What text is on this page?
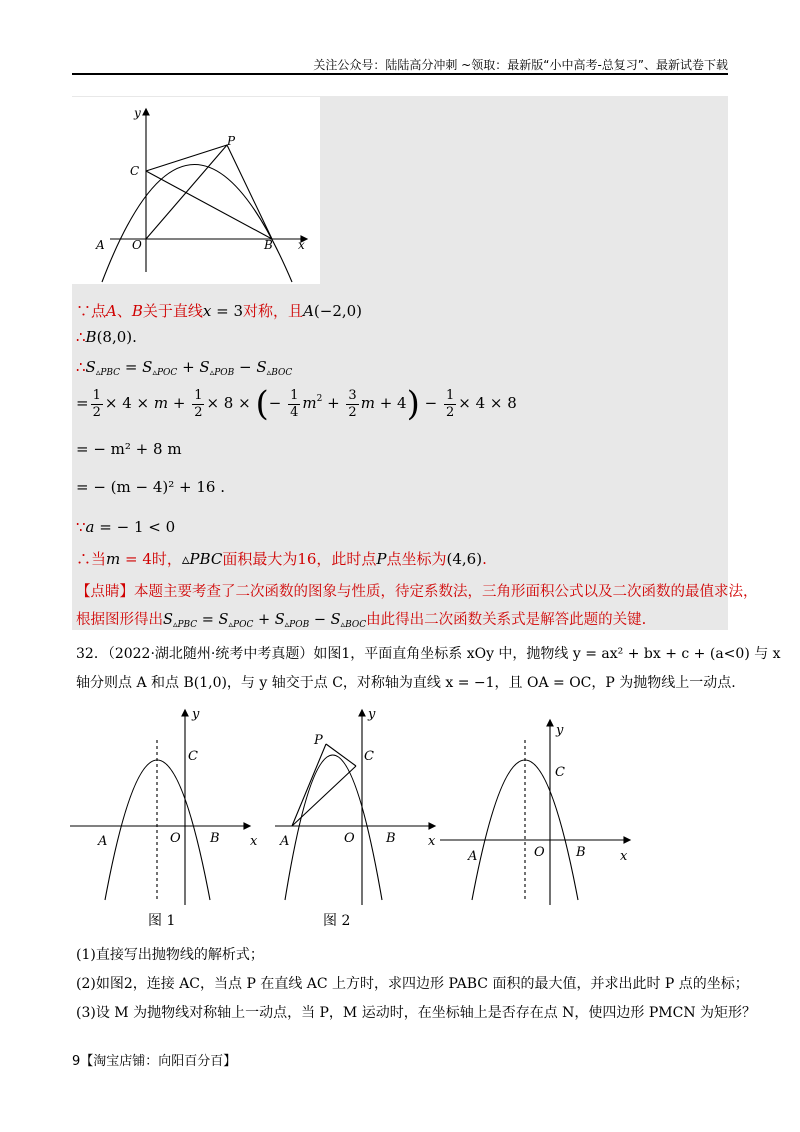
关注公众号：陆陆高分冲刺 ~领取：最新版“小中高考-总复习”、最新试卷下载
y
C
P
A O	B x
∵点A、B关于直线x = 3对称，且A(−2,0)
∴B(8,0).
$\therefore S_{▵PBC} = S_{▵POC} + S_{▵POB} - S_{▵BOC}$
= $\frac{1}{2} \times 4 \times m + \frac{1}{2} \times 8$ × (− $\frac{1}{4} m^2 + \frac{3}{2}$ $m + 4) - \frac{1}{2} \times 4 \times 8$
= − m² + 8 m
= − (m − 4)² + 16 .
∵a = − 1 < 0
∴当m = 4时，▵PBC面积最大为16，此时点P点坐标为(4,6).
【点睛】本题主要考查了二次函数的图象与性质，待定系数法，三角形面积公式以及二次函数的最值求法，
根据图形得出$S_{▵PBC} = S_{▵POC} + S_{▵POB} - S_{▵BOC}$由此得出二次函数关系式是解答此题的关键.
32．（2022·湖北随州·统考中考真题）如图1，平面直角坐标系 xOy 中，抛物线 y = ax² + bx + c + (a<0) 与 x
轴分则点 A 和点 B(1,0)，与 y 轴交于点 C，对称轴为直线 x = −1，且 OA = OC，P 为抛物线上一动点.
y
C
A	O B x
y
C
P
A	O B x
y
C
A	O B	x
图 1	图 2
(1)直接写出抛物线的解析式；
(2)如图2，连接 AC，当点 P 在直线 AC 上方时，求四边形 PABC 面积的最大值，并求出此时 P 点的坐标；
(3)设 M 为抛物线对称轴上一动点，当 P，M 运动时，在坐标轴上是否存在点 N，使四边形 PMCN 为矩形？
9【淘宝店铺：向阳百分百】
